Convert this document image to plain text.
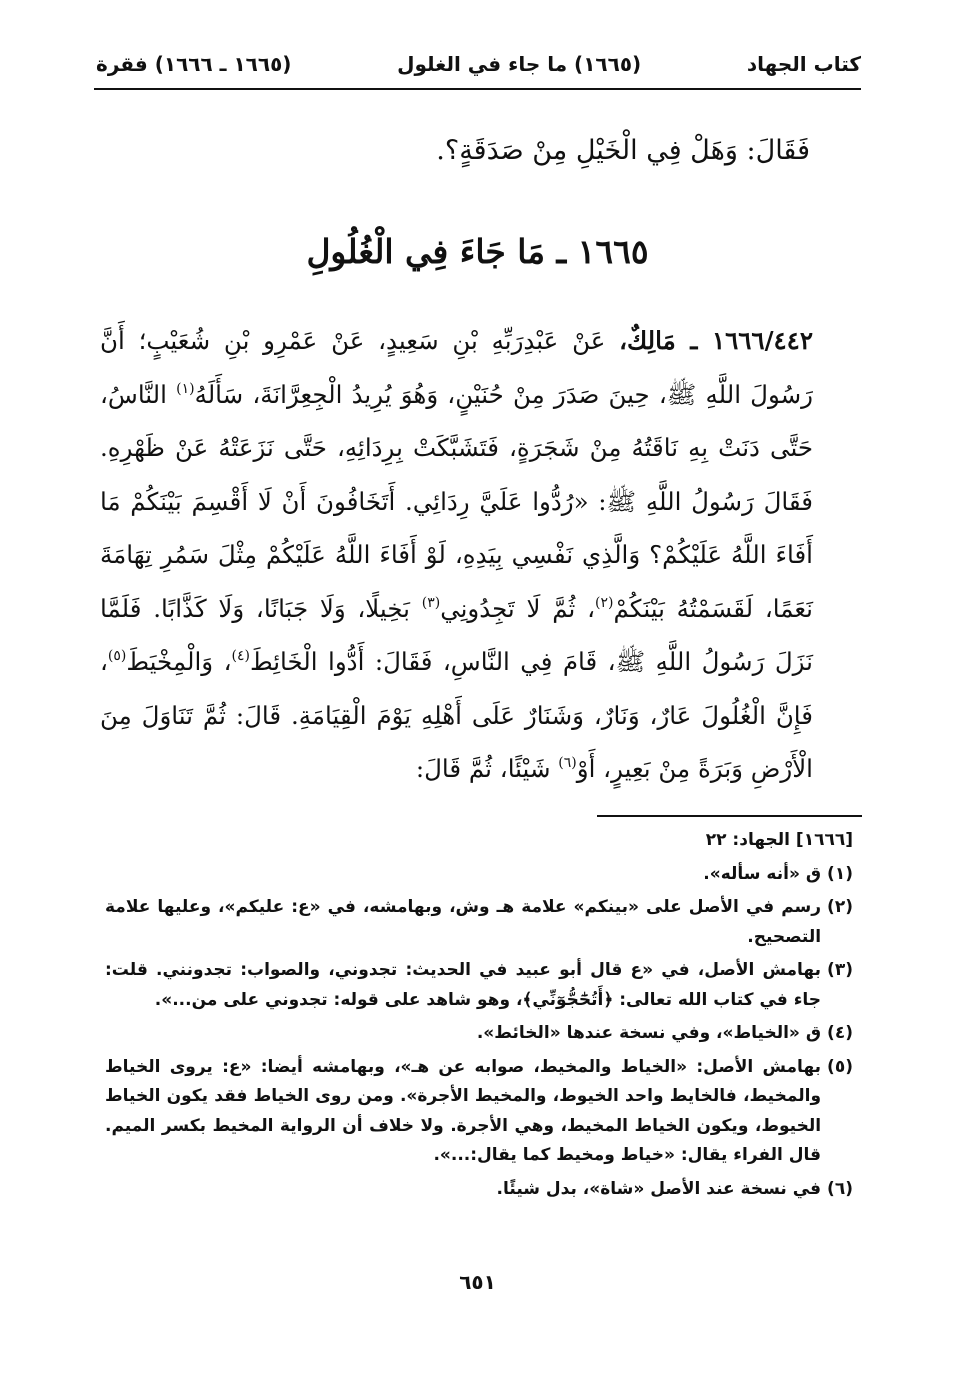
كتاب الجهاد
(١٦٦٥) ما جاء في الغلول
(١٦٦٥ ـ ١٦٦٦) فقرة
فَقَالَ: وَهَلْ فِي الْخَيْلِ مِنْ صَدَقَةٍ؟.
١٦٦٥ ـ مَا جَاءَ فِي الْغُلُولِ
١٦٦٦/٤٤٢ ـ مَالِكٌ، عَنْ عَبْدِرَبِّهِ بْنِ سَعِيدٍ، عَنْ عَمْرِو بْنِ شُعَيْبٍ؛ أَنَّ رَسُولَ اللَّهِ ﷺ، حِينَ صَدَرَ مِنْ حُنَيْنٍ، وَهُوَ يُرِيدُ الْجِعِرَّانَةَ، سَأَلَهُ$^{(١)}$ النَّاسُ، حَتَّى دَنَتْ بِهِ نَاقَتُهُ مِنْ شَجَرَةٍ، فَتَشَبَّكَتْ بِرِدَائِهِ، حَتَّى نَزَعَتْهُ عَنْ ظَهْرِهِ. فَقَالَ رَسُولُ اللَّهِ ﷺ: «رُدُّوا عَلَيَّ رِدَائِي. أَتَخَافُونَ أَنْ لَا أَقْسِمَ بَيْنَكُمْ مَا أَفَاءَ اللَّهُ عَلَيْكُمْ؟ وَالَّذِي نَفْسِي بِيَدِهِ، لَوْ أَفَاءَ اللَّهُ عَلَيْكُمْ مِثْلَ سَمُرِ تِهَامَةَ نَعَمًا، لَقَسَمْتُهُ بَيْنَكُمْ$^{(٢)}$، ثُمَّ لَا تَجِدُونِي$^{(٣)}$ بَخِيلًا، وَلَا جَبَانًا، وَلَا كَذَّابًا. فَلَمَّا نَزَلَ رَسُولُ اللَّهِ ﷺ، قَامَ فِي النَّاسِ، فَقَالَ: أَدُّوا الْخَائِطَ$^{(٤)}$، وَالْمِخْيَطَ$^{(٥)}$، فَإِنَّ الْغُلُولَ عَارٌ، وَنَارٌ، وَشَنَارٌ عَلَى أَهْلِهِ يَوْمَ الْقِيَامَةِ. قَالَ: ثُمَّ تَنَاوَلَ مِنَ الْأَرْضِ وَبَرَةً مِنْ بَعِيرٍ، أَوْ$^{(٦)}$ شَيْئًا، ثُمَّ قَالَ:
[١٦٦٦] الجهاد: ٢٢
(١)
ق «أنه سأله».
(٢)
رسم في الأصل على «بينكم» علامة هـ وش، وبهامشه، في «ع: عليكم»، وعليها علامة التصحيح.
(٣)
بهامش الأصل، في «ع قال أبو عبيد في الحديث: تجدوني، والصواب: تجدونني. قلت: جاء في كتاب الله تعالى: ﴿أَتُحَٰٓجُّوٓنِّي﴾، وهو شاهد على قوله: تجدوني على من...».
(٤)
ق «الخياط»، وفي نسخة عندها «الخائط».
(٥)
بهامش الأصل: «الخياط والمخيط، صوابه عن هـ»، وبهامشه أيضا: «ع: يروى الخياط والمخيط، فالخايط واحد الخيوط، والمخيط الأجرة». ومن روى الخياط فقد يكون الخياط الخيوط، ويكون الخياط المخيط، وهي الأجرة. ولا خلاف أن الرواية المخيط بكسر الميم. قال الفراء يقال: «خياط ومخيط كما يقال:...».
(٦)
في نسخة عند الأصل «شاة»، بدل شيئًا.
٦٥١
